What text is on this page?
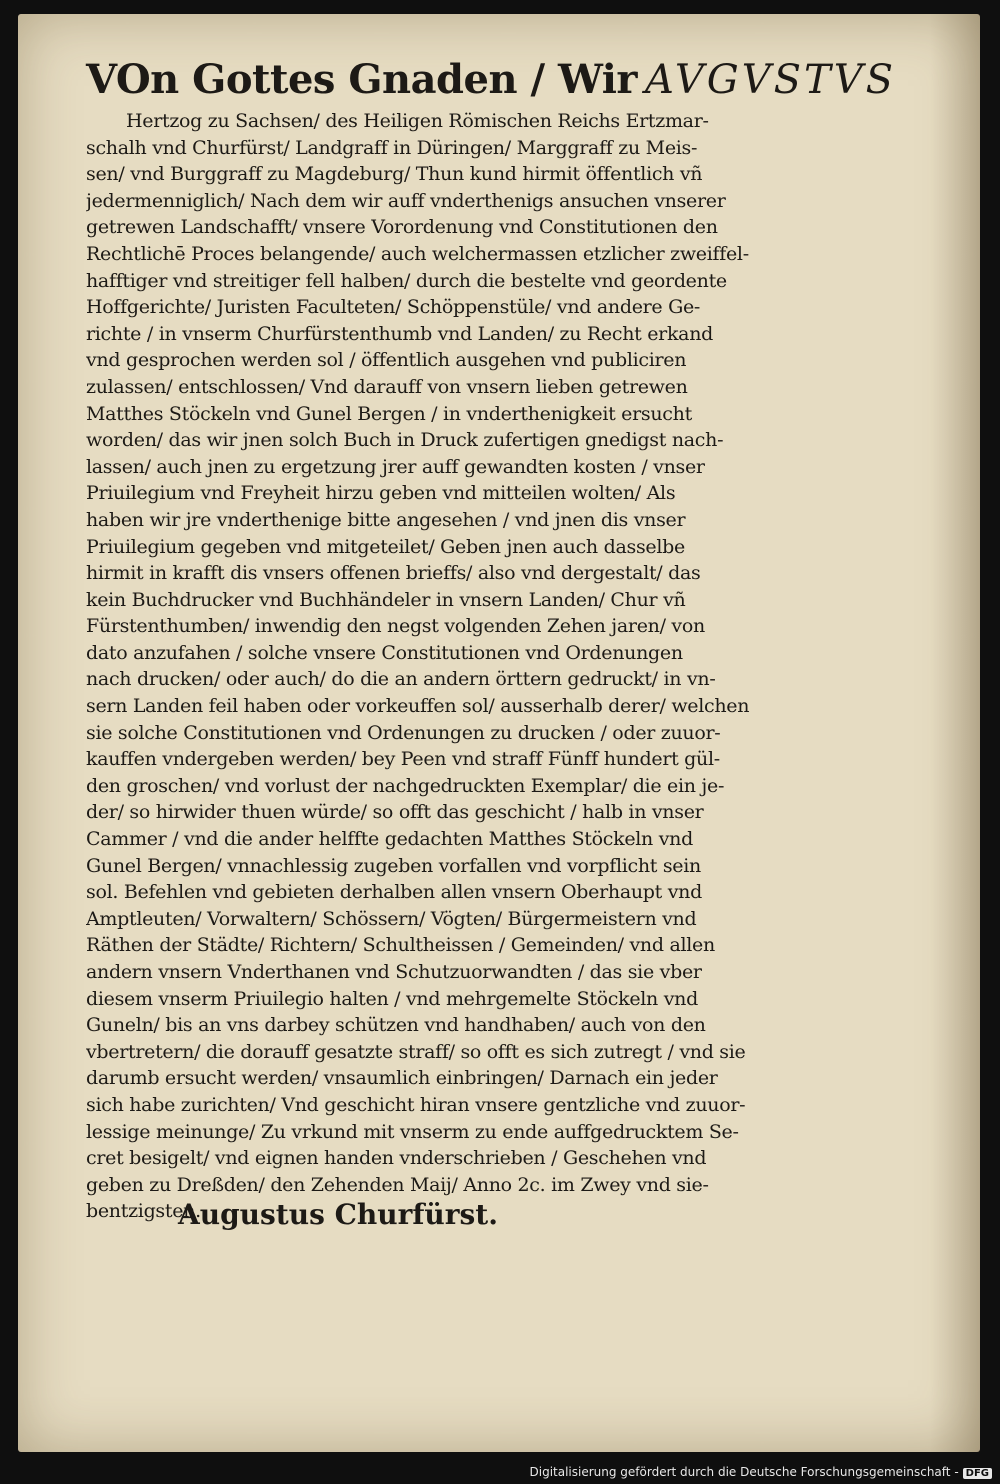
VOn Gottes Gnaden / Wir AVGVSTVS
Hertzog zu Sachsen/ des Heiligen Römischen Reichs Ertzmar-
schalh vnd Churfürst/ Landgraff in Düringen/ Marggraff zu Meis-
sen/ vnd Burggraff zu Magdeburg/ Thun kund hirmit öffentlich vñ
jedermenniglich/ Nach dem wir auff vnderthenigs ansuchen vnserer
getrewen Landschafft/ vnsere Vorordenung vnd Constitutionen den
Rechtlichē Proces belangende/ auch welchermassen etzlicher zweiffel-
hafftiger vnd streitiger fell halben/ durch die bestelte vnd geordente
Hoffgerichte/ Juristen Faculteten/ Schöppenstüle/ vnd andere Ge-
richte / in vnserm Churfürstenthumb vnd Landen/ zu Recht erkand
vnd gesprochen werden sol / öffentlich ausgehen vnd publiciren
zulassen/ entschlossen/ Vnd darauff von vnsern lieben getrewen
Matthes Stöckeln vnd Gunel Bergen / in vnderthenigkeit ersucht
worden/ das wir jnen solch Buch in Druck zufertigen gnedigst nach-
lassen/ auch jnen zu ergetzung jrer auff gewandten kosten / vnser
Priuilegium vnd Freyheit hirzu geben vnd mitteilen wolten/ Als
haben wir jre vnderthenige bitte angesehen / vnd jnen dis vnser
Priuilegium gegeben vnd mitgeteilet/ Geben jnen auch dasselbe
hirmit in krafft dis vnsers offenen brieffs/ also vnd dergestalt/ das
kein Buchdrucker vnd Buchhändeler in vnsern Landen/ Chur vñ
Fürstenthumben/ inwendig den negst volgenden Zehen jaren/ von
dato anzufahen / solche vnsere Constitutionen vnd Ordenungen
nach drucken/ oder auch/ do die an andern örttern gedruckt/ in vn-
sern Landen feil haben oder vorkeuffen sol/ ausserhalb derer/ welchen
sie solche Constitutionen vnd Ordenungen zu drucken / oder zuuor-
kauffen vndergeben werden/ bey Peen vnd straff Fünff hundert gül-
den groschen/ vnd vorlust der nachgedruckten Exemplar/ die ein je-
der/ so hirwider thuen würde/ so offt das geschicht / halb in vnser
Cammer / vnd die ander helffte gedachten Matthes Stöckeln vnd
Gunel Bergen/ vnnachlessig zugeben vorfallen vnd vorpflicht sein
sol. Befehlen vnd gebieten derhalben allen vnsern Oberhaupt vnd
Amptleuten/ Vorwaltern/ Schössern/ Vögten/ Bürgermeistern vnd
Räthen der Städte/ Richtern/ Schultheissen / Gemeinden/ vnd allen
andern vnsern Vnderthanen vnd Schutzuorwandten / das sie vber
diesem vnserm Priuilegio halten / vnd mehrgemelte Stöckeln vnd
Guneln/ bis an vns darbey schützen vnd handhaben/ auch von den
vbertretern/ die dorauff gesatzte straff/ so offt es sich zutregt / vnd sie
darumb ersucht werden/ vnsaumlich einbringen/ Darnach ein jeder
sich habe zurichten/ Vnd geschicht hiran vnsere gentzliche vnd zuuor-
lessige meinunge/ Zu vrkund mit vnserm zu ende auffgedrucktem Se-
cret besigelt/ vnd eignen handen vnderschrieben / Geschehen vnd
geben zu Dreßden/ den Zehenden Maij/ Anno 2c. im Zwey vnd sie-
bentzigsten.
Augustus Churfürst.
Digitalisierung gefördert durch die Deutsche Forschungsgemeinschaft - DFG
